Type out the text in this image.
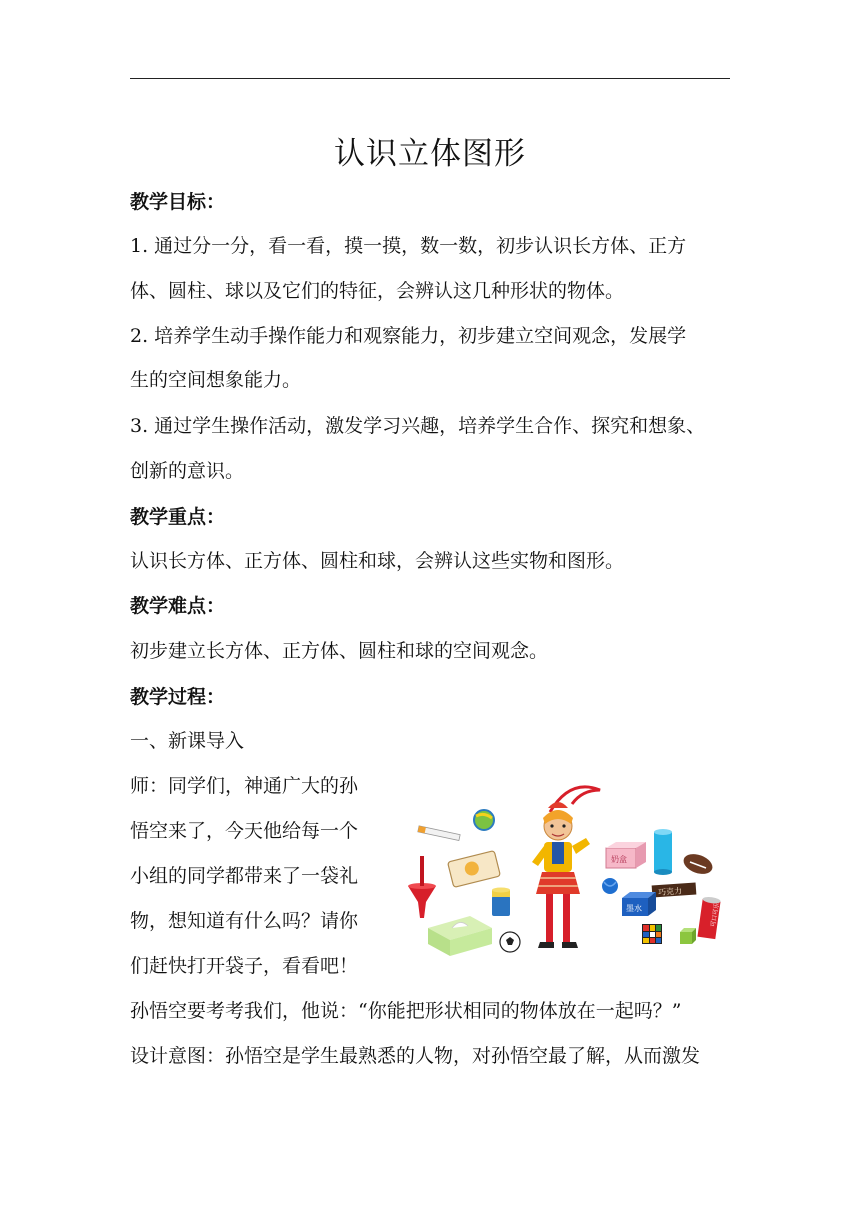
认识立体图形
教学目标：
1. 通过分一分，看一看，摸一摸，数一数，初步认识长方体、正方
体、圆柱、球以及它们的特征，会辨认这几种形状的物体。
2. 培养学生动手操作能力和观察能力，初步建立空间观念，发展学
生的空间想象能力。
3. 通过学生操作活动，激发学习兴趣，培养学生合作、探究和想象、
创新的意识。
教学重点：
认识长方体、正方体、圆柱和球，会辨认这些实物和图形。
教学难点：
初步建立长方体、正方体、圆柱和球的空间观念。
教学过程：
一、新课导入
师：同学们，神通广大的孙
悟空来了，今天他给每一个
小组的同学都带来了一袋礼
物，想知道有什么吗？请你
们赶快打开袋子，看看吧！
奶盒
巧克力
墨水	可口可乐
孙悟空要考考我们，他说：“你能把形状相同的物体放在一起吗？”
设计意图：孙悟空是学生最熟悉的人物，对孙悟空最了解，从而激发
